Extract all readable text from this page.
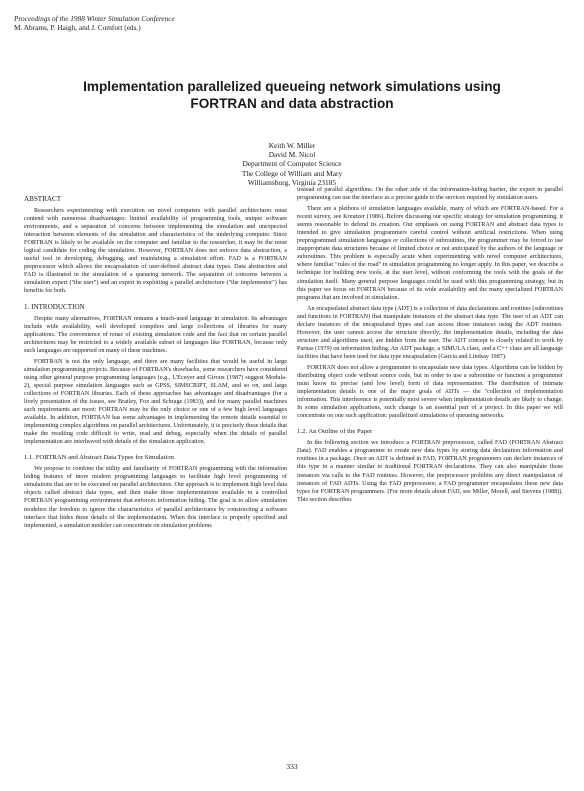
Proceedings of the 1988 Winter Simulation Conference
M. Abrams, P. Haigh, and J. Comfort (eds.)
Implementation parallelized queueing network simulations using
FORTRAN and data abstraction
Keith W. Miller
David M. Nicol
Department of Computer Science
The College of William and Mary
Williamsburg, Virginia 23185
ABSTRACT

Researchers experimenting with execution on novel computers with parallel architectures must contend with numerous disadvantages: limited availability of programming tools, unique software environments, and a separation of concerns between implementing the simulation and unexpected interaction between elements of the simulation and characteristics of the underlying computer. Since FORTRAN is likely to be available on the computer and familiar to the researcher, it may be the most logical candidate for coding the simulation. However, FORTRAN does not enforce data abstraction, a useful tool in developing, debugging, and maintaining a simulation effort. FAD is a FORTRAN preprocessor which allows the encapsulation of user-defined abstract data types. Data abstraction and FAD is illustrated in the simulation of a queueing network. The separation of concerns between a simulation expert ("the user") and an expert in exploiting a parallel architecture ("the implementor") has benefits for both.

1. INTRODUCTION

Despite many alternatives, FORTRAN remains a much-used language in simulation. Its advantages include wide availability, well developed compilers and large collections of libraries for many applications. The convenience of reuse of existing simulation code and the fact that on certain parallel architectures may be restricted to a widely available subset of languages like FORTRAN, because only such languages are supported on many of these machines.

FORTRAN is not the only language, and there are many facilities that would be useful in large simulation programming projects. Because of FORTRAN's drawbacks, some researchers have considered using other general purpose programming languages (e.g., L'Ecuyer and Giroux (1987) suggest Modula-2), special purpose simulation languages such as GPSS, SIMSCRIPT, SLAM, and so on, and large collections of FORTRAN libraries. Each of these approaches has advantages and disadvantages (for a lively presentation of the issues, see Bratley, Fox and Schrage (1983)), and for many parallel machines such requirements are moot: FORTRAN may be the only choice or one of a few high level languages available. In addition, FORTRAN has some advantages in implementing the remote details essential to implementing complex algorithms on parallel architectures. Unfortunately, it is precisely these details that make the resulting code difficult to write, read and debug, especially when the details of parallel implementation are interleaved with details of the simulation application.

1.1. FORTRAN and Abstract Data Types for Simulation

We propose to combine the utility and familiarity of FORTRAN programming with the information hiding features of more modern programming languages to facilitate high level programming of simulations that are to be executed on parallel architectures. Our approach is to implement high level data objects called abstract data types, and then make those implementations available in a controlled FORTRAN programming environment that enforces information hiding. The goal is to allow simulation modelers the freedom to ignore the characteristics of parallel architectures by constructing a software interface that hides these details of the implementation. When this interface is properly specified and implemented, a simulation modeler can concentrate on simulation problems

instead of parallel algorithms. On the other side of the information-hiding barrier, the expert in parallel programming can use the interface as a precise guide to the services required by simulation users.

There are a plethora of simulation languages available, many of which are FORTRAN-based. For a recent survey, see Kreutzer (1986). Before discussing our specific strategy for simulation programming, it seems reasonable to defend its creation. Our emphasis on using FORTRAN and abstract data types is intended to give simulation programmers careful control without artificial restrictions. When using preprogrammed simulation languages or collections of subroutines, the programmer may be forced to use inappropriate data structures because of limited choice or not anticipated by the authors of the language or subroutines. This problem is especially acute when experimenting with novel computer architectures, where familiar "rules of the road" in simulation programming no longer apply. In this paper, we describe a technique for building new tools, at the user level, without conforming the tools with the goals of the simulation itself. Many general purpose languages could be used with this programming strategy, but in this paper we focus on FORTRAN because of its wide availability and the many specialized FORTRAN programs that are involved in simulation.

An encapsulated abstract data type (ADT) is a collection of data declarations and routines (subroutines and functions in FORTRAN) that manipulate instances of the abstract data type. The user of an ADT can declare instances of the encapsulated types and can access those instances using the ADT routines. However, the user cannot access the structure directly; the implementation details, including the data structure and algorithms used, are hidden from the user. The ADT concept is closely related to work by Parnas (1979) on information hiding. An ADT package, a SIMULA class, and a C++ class are all language facilities that have been used for data type encapsulation (Garcia and Lindsay 1987).

FORTRAN does not allow a programmer to encapsulate new data types. Algorithms can be hidden by distributing object code without source code, but in order to use a subroutine or function a programmer must know its precise (and low level) form of data representation. The distribution of intimate implementation details is one of the major goals of ADTs — the "collection of implementation information. This interference is potentially most severe when implementation details are likely to change. In some simulation applications, such change is an essential part of a project. In this paper we will concentrate on one such application: parallelized simulations of queueing networks.

1.2. An Outline of the Paper

In the following section we introduce a FORTRAN preprocessor, called FAD (FORTRAN Abstract Data). FAD enables a programmer to create new data types by storing data declaration information and routines in a package. Once an ADT is defined in FAD, FORTRAN programmers can declare instances of this type in a manner similar to traditional FORTRAN declarations. They can also manipulate those instances via calls to the FAD routines. However, the preprocessor prohibits any direct manipulation of instances of FAD ADTs. Using the FAD preprocessor, a FAD programmer encapsulates these new data types for FORTRAN programmers. (For more details about FAD, see Miller, Morell, and Stevens (1988)). This section describes

333
